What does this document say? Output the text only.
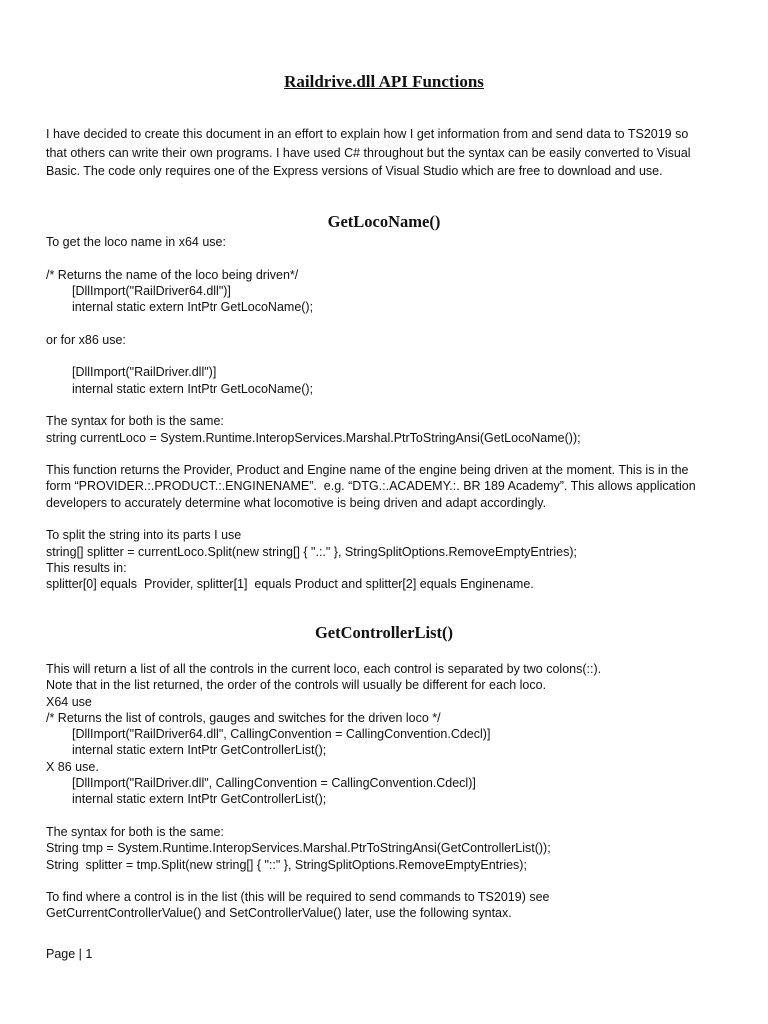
Raildrive.dll API Functions
I have decided to create this document in an effort to explain how I get information from and send data to TS2019 so
that others can write their own programs. I have used C# throughout but the syntax can be easily converted to Visual
Basic. The code only requires one of the Express versions of Visual Studio which are free to download and use.
GetLocoName()
To get the loco name in x64 use:
/* Returns the name of the loco being driven*/
[DllImport("RailDriver64.dll")]
internal static extern IntPtr GetLocoName();
or for x86 use:
[DllImport("RailDriver.dll")]
internal static extern IntPtr GetLocoName();
The syntax for both is the same:
string currentLoco = System.Runtime.InteropServices.Marshal.PtrToStringAnsi(GetLocoName());
This function returns the Provider, Product and Engine name of the engine being driven at the moment. This is in the
form “PROVIDER.:.PRODUCT.:.ENGINENAME”.  e.g. “DTG.:.ACADEMY.:. BR 189 Academy”. This allows application
developers to accurately determine what locomotive is being driven and adapt accordingly.
To split the string into its parts I use
string[] splitter = currentLoco.Split(new string[] { ".:." }, StringSplitOptions.RemoveEmptyEntries);
This results in:
splitter[0] equals  Provider, splitter[1]  equals Product and splitter[2] equals Enginename.
GetControllerList()
This will return a list of all the controls in the current loco, each control is separated by two colons(::).
Note that in the list returned, the order of the controls will usually be different for each loco.
X64 use
/* Returns the list of controls, gauges and switches for the driven loco */
[DllImport("RailDriver64.dll", CallingConvention = CallingConvention.Cdecl)]
internal static extern IntPtr GetControllerList();
X 86 use.
[DllImport("RailDriver.dll", CallingConvention = CallingConvention.Cdecl)]
internal static extern IntPtr GetControllerList();
The syntax for both is the same:
String tmp = System.Runtime.InteropServices.Marshal.PtrToStringAnsi(GetControllerList());
String  splitter = tmp.Split(new string[] { "::" }, StringSplitOptions.RemoveEmptyEntries);
To find where a control is in the list (this will be required to send commands to TS2019) see
GetCurrentControllerValue() and SetControllerValue() later, use the following syntax.
Page | 1
